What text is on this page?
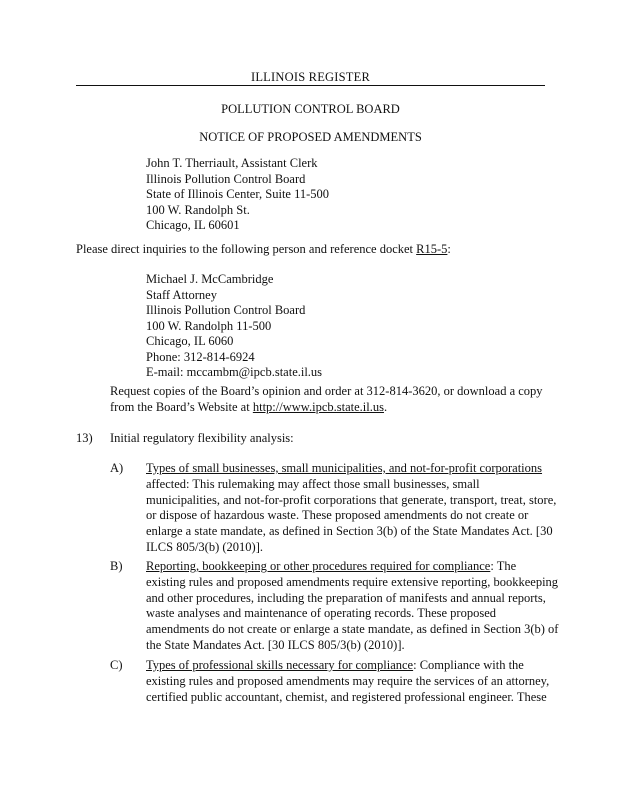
ILLINOIS REGISTER
POLLUTION CONTROL BOARD
NOTICE OF PROPOSED AMENDMENTS
John T. Therriault, Assistant Clerk
Illinois Pollution Control Board
State of Illinois Center, Suite 11-500
100 W. Randolph St.
Chicago, IL 60601
Please direct inquiries to the following person and reference docket R15-5:
Michael J. McCambridge
Staff Attorney
Illinois Pollution Control Board
100 W. Randolph 11-500
Chicago, IL 6060
Phone: 312-814-6924
E-mail: mccambm@ipcb.state.il.us
Request copies of the Board’s opinion and order at 312-814-3620, or download a copy
from the Board’s Website at http://www.ipcb.state.il.us.
13) Initial regulatory flexibility analysis:
A) Types of small businesses, small municipalities, and not-for-profit corporations
affected: This rulemaking may affect those small businesses, small
municipalities, and not-for-profit corporations that generate, transport, treat, store,
or dispose of hazardous waste. These proposed amendments do not create or
enlarge a state mandate, as defined in Section 3(b) of the State Mandates Act. [30
ILCS 805/3(b) (2010)].
B) Reporting, bookkeeping or other procedures required for compliance: The
existing rules and proposed amendments require extensive reporting, bookkeeping
and other procedures, including the preparation of manifests and annual reports,
waste analyses and maintenance of operating records. These proposed
amendments do not create or enlarge a state mandate, as defined in Section 3(b) of
the State Mandates Act. [30 ILCS 805/3(b) (2010)].
C) Types of professional skills necessary for compliance: Compliance with the
existing rules and proposed amendments may require the services of an attorney,
certified public accountant, chemist, and registered professional engineer. These
